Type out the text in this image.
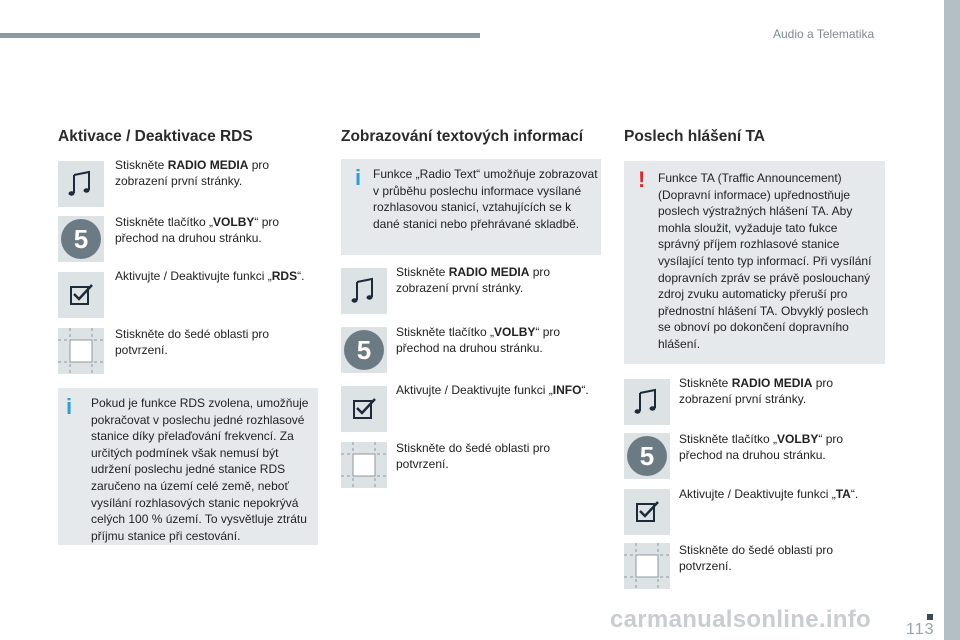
Audio a Telematika
carmanualsonline.info 113
Aktivace / Deaktivace RDS
Stiskněte RADIO MEDIA pro zobrazení první stránky.
5
Stiskněte tlačítko „VOLBY“ pro přechod na druhou stránku.
Aktivujte / Deaktivujte funkci „RDS“.
Stiskněte do šedé oblasti pro potvrzení.
i Pokud je funkce RDS zvolena, umožňuje pokračovat v poslechu jedné rozhlasové stanice díky přelaďování frekvencí. Za určitých podmínek však nemusí být udržení poslechu jedné stanice RDS zaručeno na území celé země, neboť vysílání rozhlasových stanic nepokrývá celých 100 % území. To vysvětluje ztrátu příjmu stanice při cestování.
Zobrazování textových informací
i Funkce „Radio Text“ umožňuje zobrazovat v průběhu poslechu informace vysílané rozhlasovou stanicí, vztahujících se k dané stanici nebo přehrávané skladbě.
Stiskněte RADIO MEDIA pro zobrazení první stránky.
5
Stiskněte tlačítko „VOLBY“ pro přechod na druhou stránku.
Aktivujte / Deaktivujte funkci „INFO“.
Stiskněte do šedé oblasti pro potvrzení.
Poslech hlášení TA
! Funkce TA (Traffic Announcement) (Dopravní informace) upřednostňuje poslech výstražných hlášení TA. Aby mohla sloužit, vyžaduje tato fukce správný příjem rozhlasové stanice vysílající tento typ informací. Při vysílání dopravních zpráv se právě poslouchaný zdroj zvuku automaticky přeruší pro přednostní hlášení TA. Obvyklý poslech se obnoví po dokončení dopravního hlášení.
Stiskněte RADIO MEDIA pro zobrazení první stránky.
5
Stiskněte tlačítko „VOLBY“ pro přechod na druhou stránku.
Aktivujte / Deaktivujte funkci „TA“.
Stiskněte do šedé oblasti pro potvrzení.
